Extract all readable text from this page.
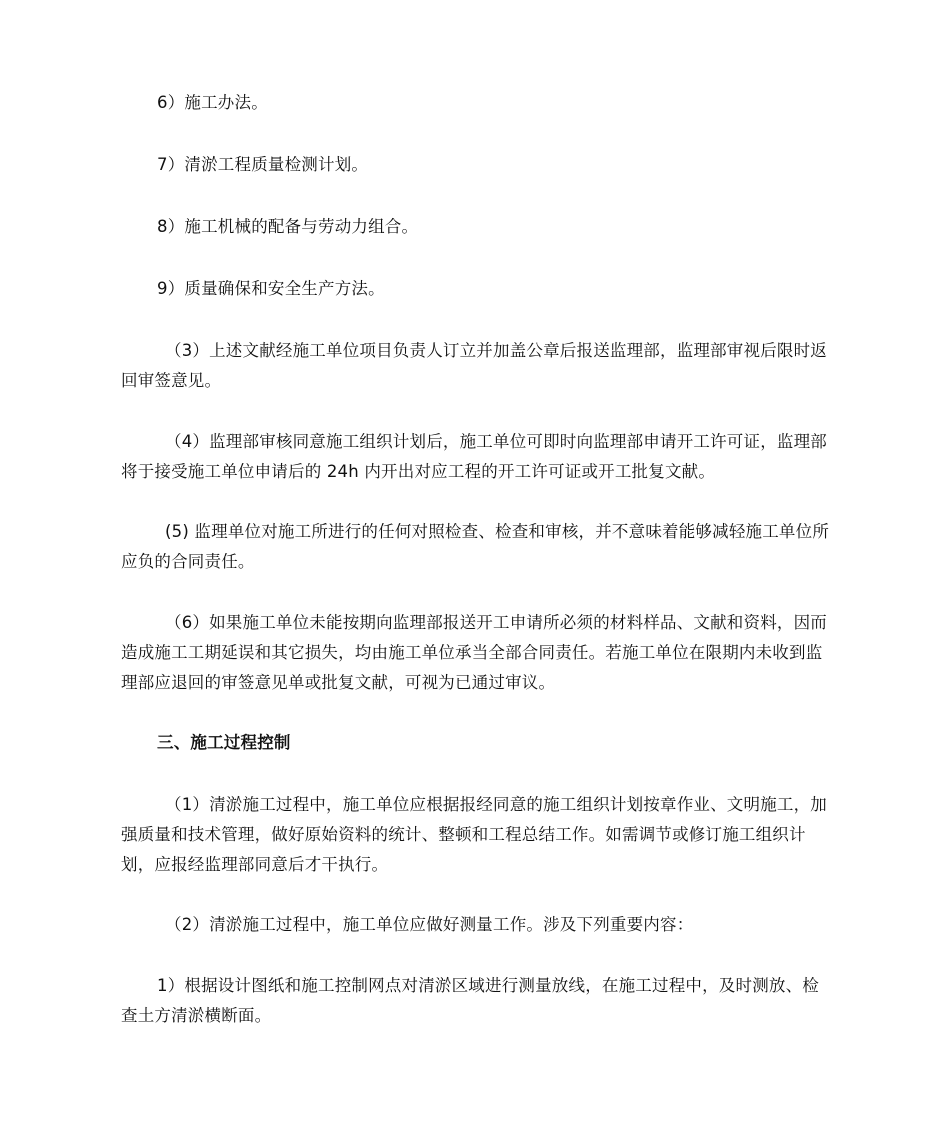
6）施工办法。

7）清淤工程质量检测计划。

8）施工机械的配备与劳动力组合。

9）质量确保和安全生产方法。

（3）上述文献经施工单位项目负责人订立并加盖公章后报送监理部，监理部审视后限时返回审签意见。

（4）监理部审核同意施工组织计划后，施工单位可即时向监理部申请开工许可证，监理部将于接受施工单位申请后的 24h 内开出对应工程的开工许可证或开工批复文献。

(5) 监理单位对施工所进行的任何对照检查、检查和审核，并不意味着能够减轻施工单位所应负的合同责任。

（6）如果施工单位未能按期向监理部报送开工申请所必须的材料样品、文献和资料，因而造成施工工期延误和其它损失，均由施工单位承当全部合同责任。若施工单位在限期内未收到监理部应退回的审签意见单或批复文献，可视为已通过审议。

三、施工过程控制

（1）清淤施工过程中，施工单位应根据报经同意的施工组织计划按章作业、文明施工，加强质量和技术管理，做好原始资料的统计、整顿和工程总结工作。如需调节或修订施工组织计划，应报经监理部同意后才干执行。

（2）清淤施工过程中，施工单位应做好测量工作。涉及下列重要内容：

1）根据设计图纸和施工控制网点对清淤区域进行测量放线，在施工过程中，及时测放、检查土方清淤横断面。
